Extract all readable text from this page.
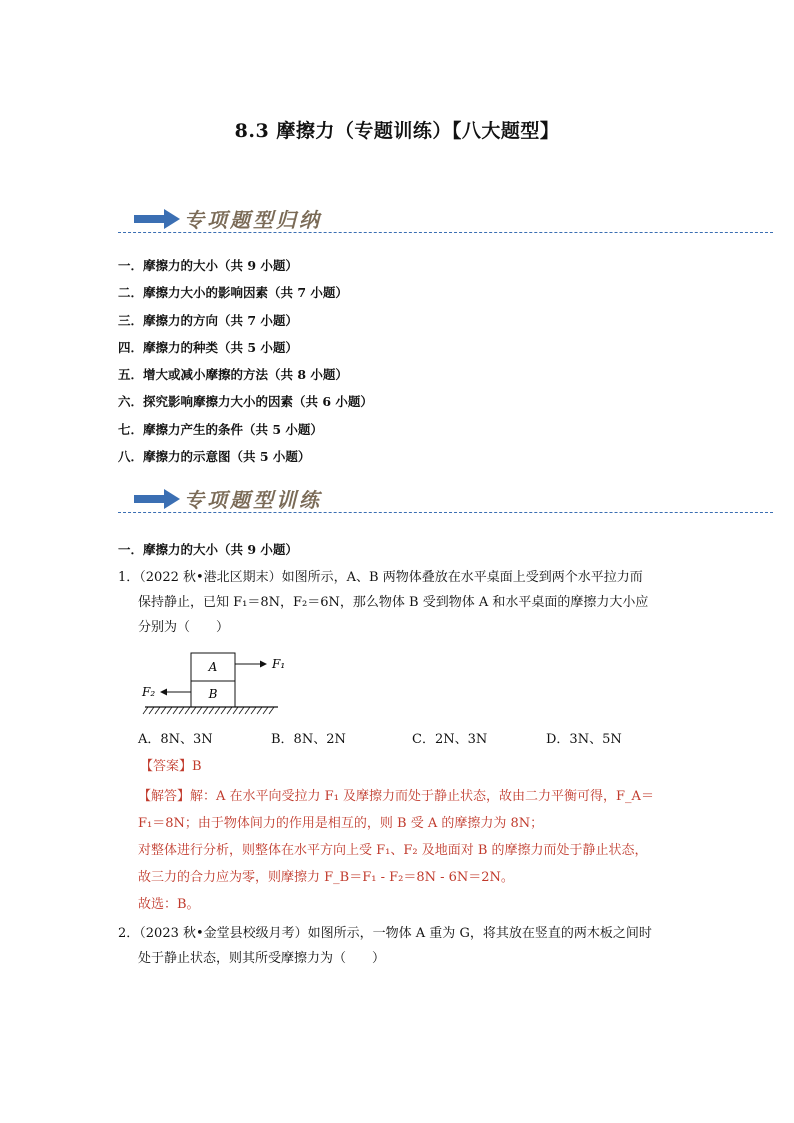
8.3 摩擦力（专题训练）【八大题型】
专项题型归纳
一．摩擦力的大小（共 9 小题）
二．摩擦力大小的影响因素（共 7 小题）
三．摩擦力的方向（共 7 小题）
四．摩擦力的种类（共 5 小题）
五．增大或减小摩擦的方法（共 8 小题）
六．探究影响摩擦力大小的因素（共 6 小题）
七．摩擦力产生的条件（共 5 小题）
八．摩擦力的示意图（共 5 小题）
专项题型训练
一．摩擦力的大小（共 9 小题）
1．（2022 秋•港北区期末）如图所示，A、B 两物体叠放在水平桌面上受到两个水平拉力而
保持静止，已知 F₁＝8N，F₂＝6N，那么物体 B 受到物体 A 和水平桌面的摩擦力大小应
分别为（　　）
A
B
F₁
F₂
A．8N、3N	B．8N、2N	C．2N、3N	D．3N、5N
【答案】B
【解答】解：A 在水平向受拉力 F₁ 及摩擦力而处于静止状态，故由二力平衡可得，F_A＝
F₁＝8N；由于物体间力的作用是相互的，则 B 受 A 的摩擦力为 8N；
对整体进行分析，则整体在水平方向上受 F₁、F₂ 及地面对 B 的摩擦力而处于静止状态，
故三力的合力应为零，则摩擦力 F_B＝F₁ - F₂＝8N - 6N＝2N。
故选：B。
2．（2023 秋•金堂县校级月考）如图所示，一物体 A 重为 G，将其放在竖直的两木板之间时
处于静止状态，则其所受摩擦力为（　　）
